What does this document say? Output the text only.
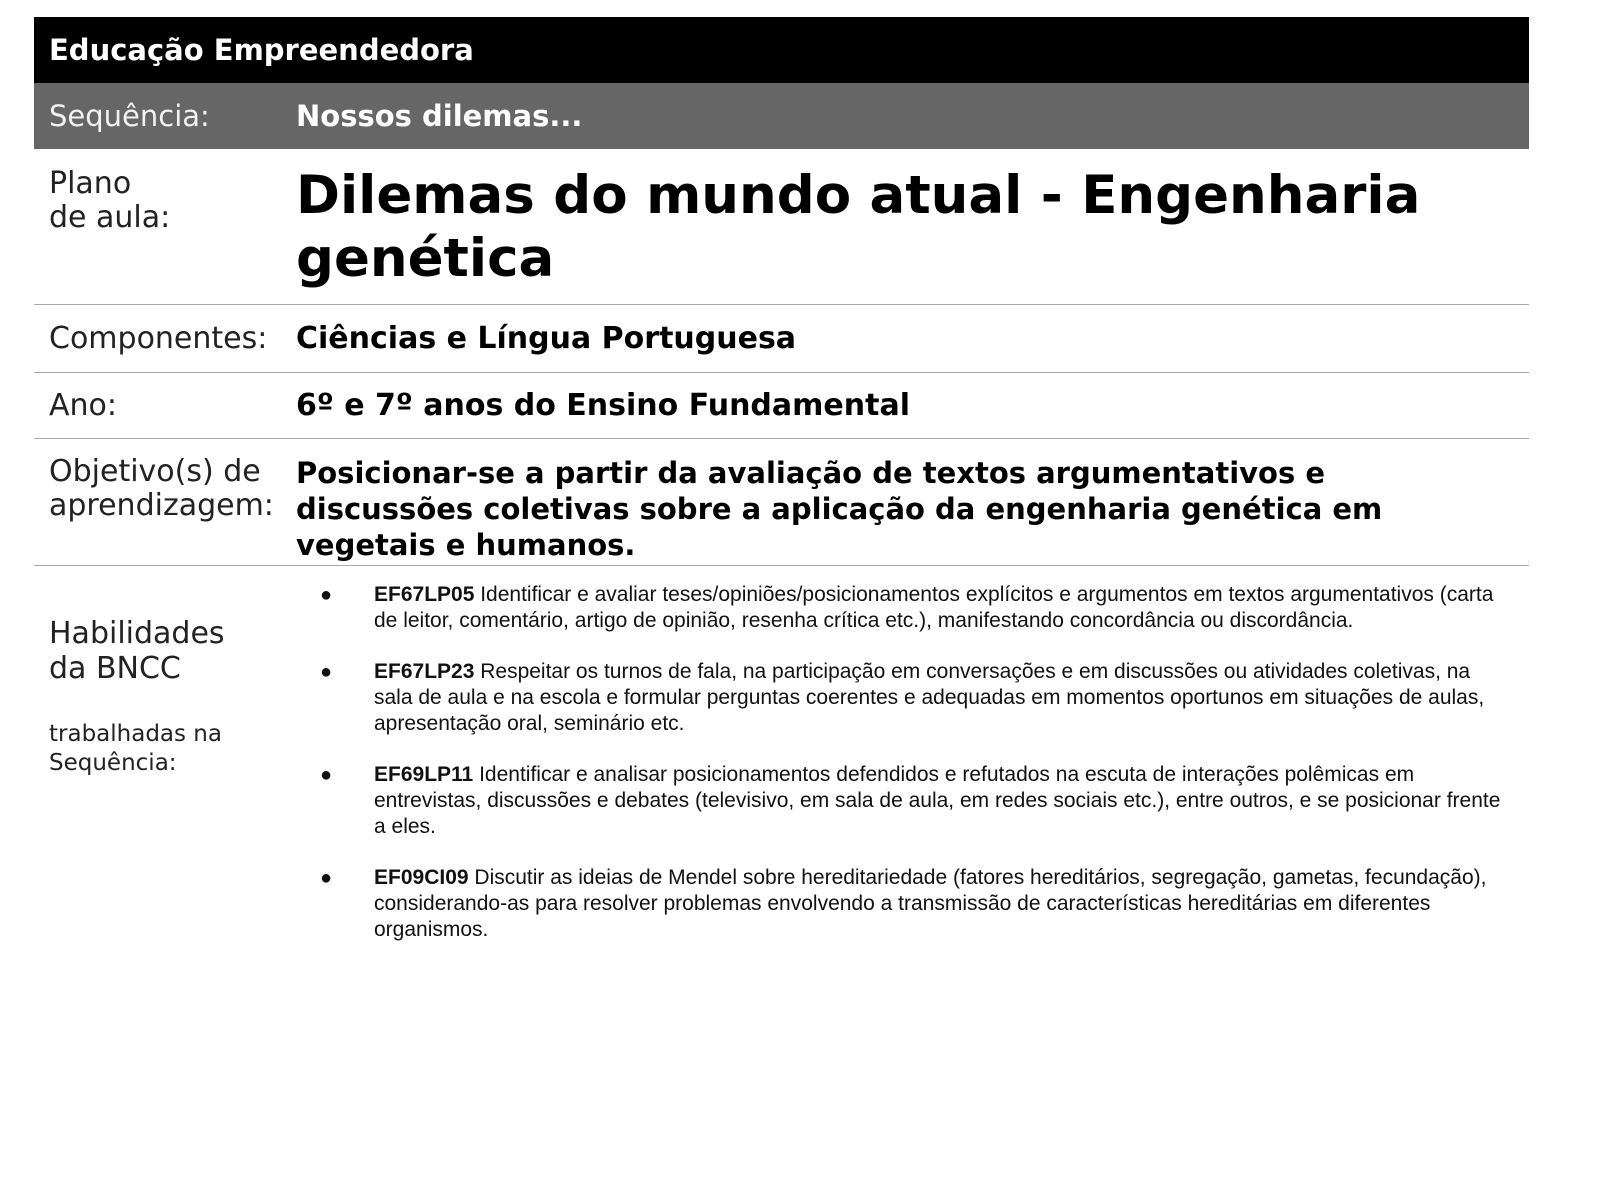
Educação Empreendedora
Sequência:	Nossos dilemas...
Plano
de aula:	Dilemas do mundo atual - Engenharia genética
Componentes: Ciências e Língua Portuguesa
Ano:	6º e 7º anos do Ensino Fundamental
Objetivo(s) de
aprendizagem:
Posicionar-se a partir da avaliação de textos argumentativos e discussões coletivas sobre a aplicação da engenharia genética em vegetais e humanos.

Habilidades
da BNCC

trabalhadas na
Sequência:

● EF67LP05 Identificar e avaliar teses/opiniões/posicionamentos explícitos e argumentos em textos argumentativos (carta de leitor, comentário, artigo de opinião, resenha crítica etc.), manifestando concordância ou discordância.
● EF67LP23 Respeitar os turnos de fala, na participação em conversações e em discussões ou atividades coletivas, na sala de aula e na escola e formular perguntas coerentes e adequadas em momentos oportunos em situações de aulas, apresentação oral, seminário etc.
● EF69LP11 Identificar e analisar posicionamentos defendidos e refutados na escuta de interações polêmicas em entrevistas, discussões e debates (televisivo, em sala de aula, em redes sociais etc.), entre outros, e se posicionar frente a eles.
● EF09CI09 Discutir as ideias de Mendel sobre hereditariedade (fatores hereditários, segregação, gametas, fecundação), considerando-as para resolver problemas envolvendo a transmissão de características hereditárias em diferentes organismos.
